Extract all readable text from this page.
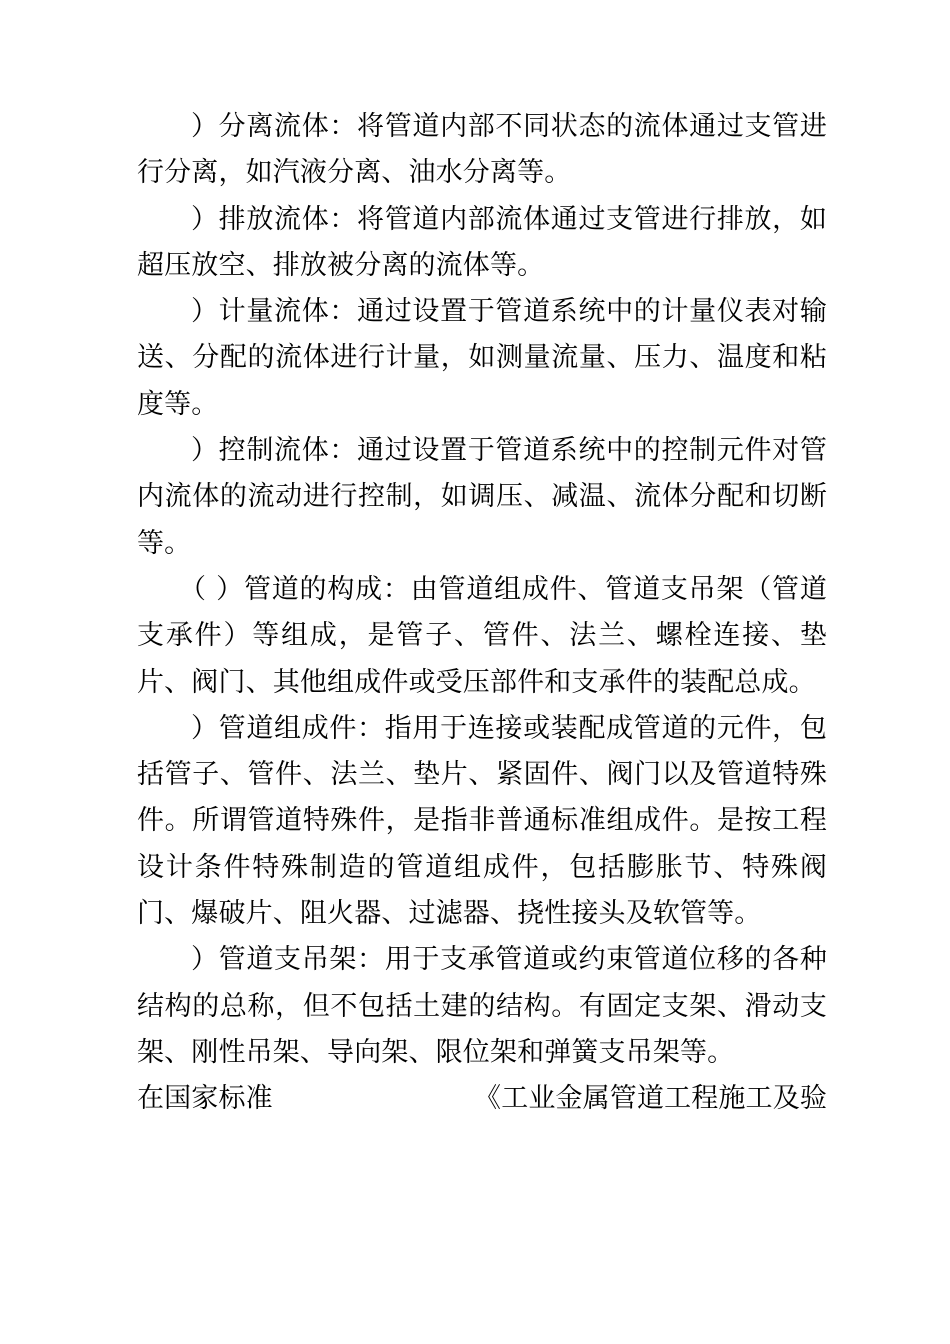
）分离流体：将管道内部不同状态的流体通过支管进行分离，如汽液分离、油水分离等。

）排放流体：将管道内部流体通过支管进行排放，如超压放空、排放被分离的流体等。

）计量流体：通过设置于管道系统中的计量仪表对输送、分配的流体进行计量，如测量流量、压力、温度和粘度等。

）控制流体：通过设置于管道系统中的控制元件对管内流体的流动进行控制，如调压、减温、流体分配和切断等。

（ ）管道的构成：由管道组成件、管道支吊架（管道支承件）等组成，是管子、管件、法兰、螺栓连接、垫片、阀门、其他组成件或受压部件和支承件的装配总成。

）管道组成件：指用于连接或装配成管道的元件，包括管子、管件、法兰、垫片、紧固件、阀门以及管道特殊件。所谓管道特殊件，是指非普通标准组成件。是按工程设计条件特殊制造的管道组成件，包括膨胀节、特殊阀门、爆破片、阻火器、过滤器、挠性接头及软管等。

）管道支吊架：用于支承管道或约束管道位移的各种结构的总称，但不包括土建的结构。有固定支架、滑动支架、刚性吊架、导向架、限位架和弹簧支吊架等。

在国家标准	《工业金属管道工程施工及验
